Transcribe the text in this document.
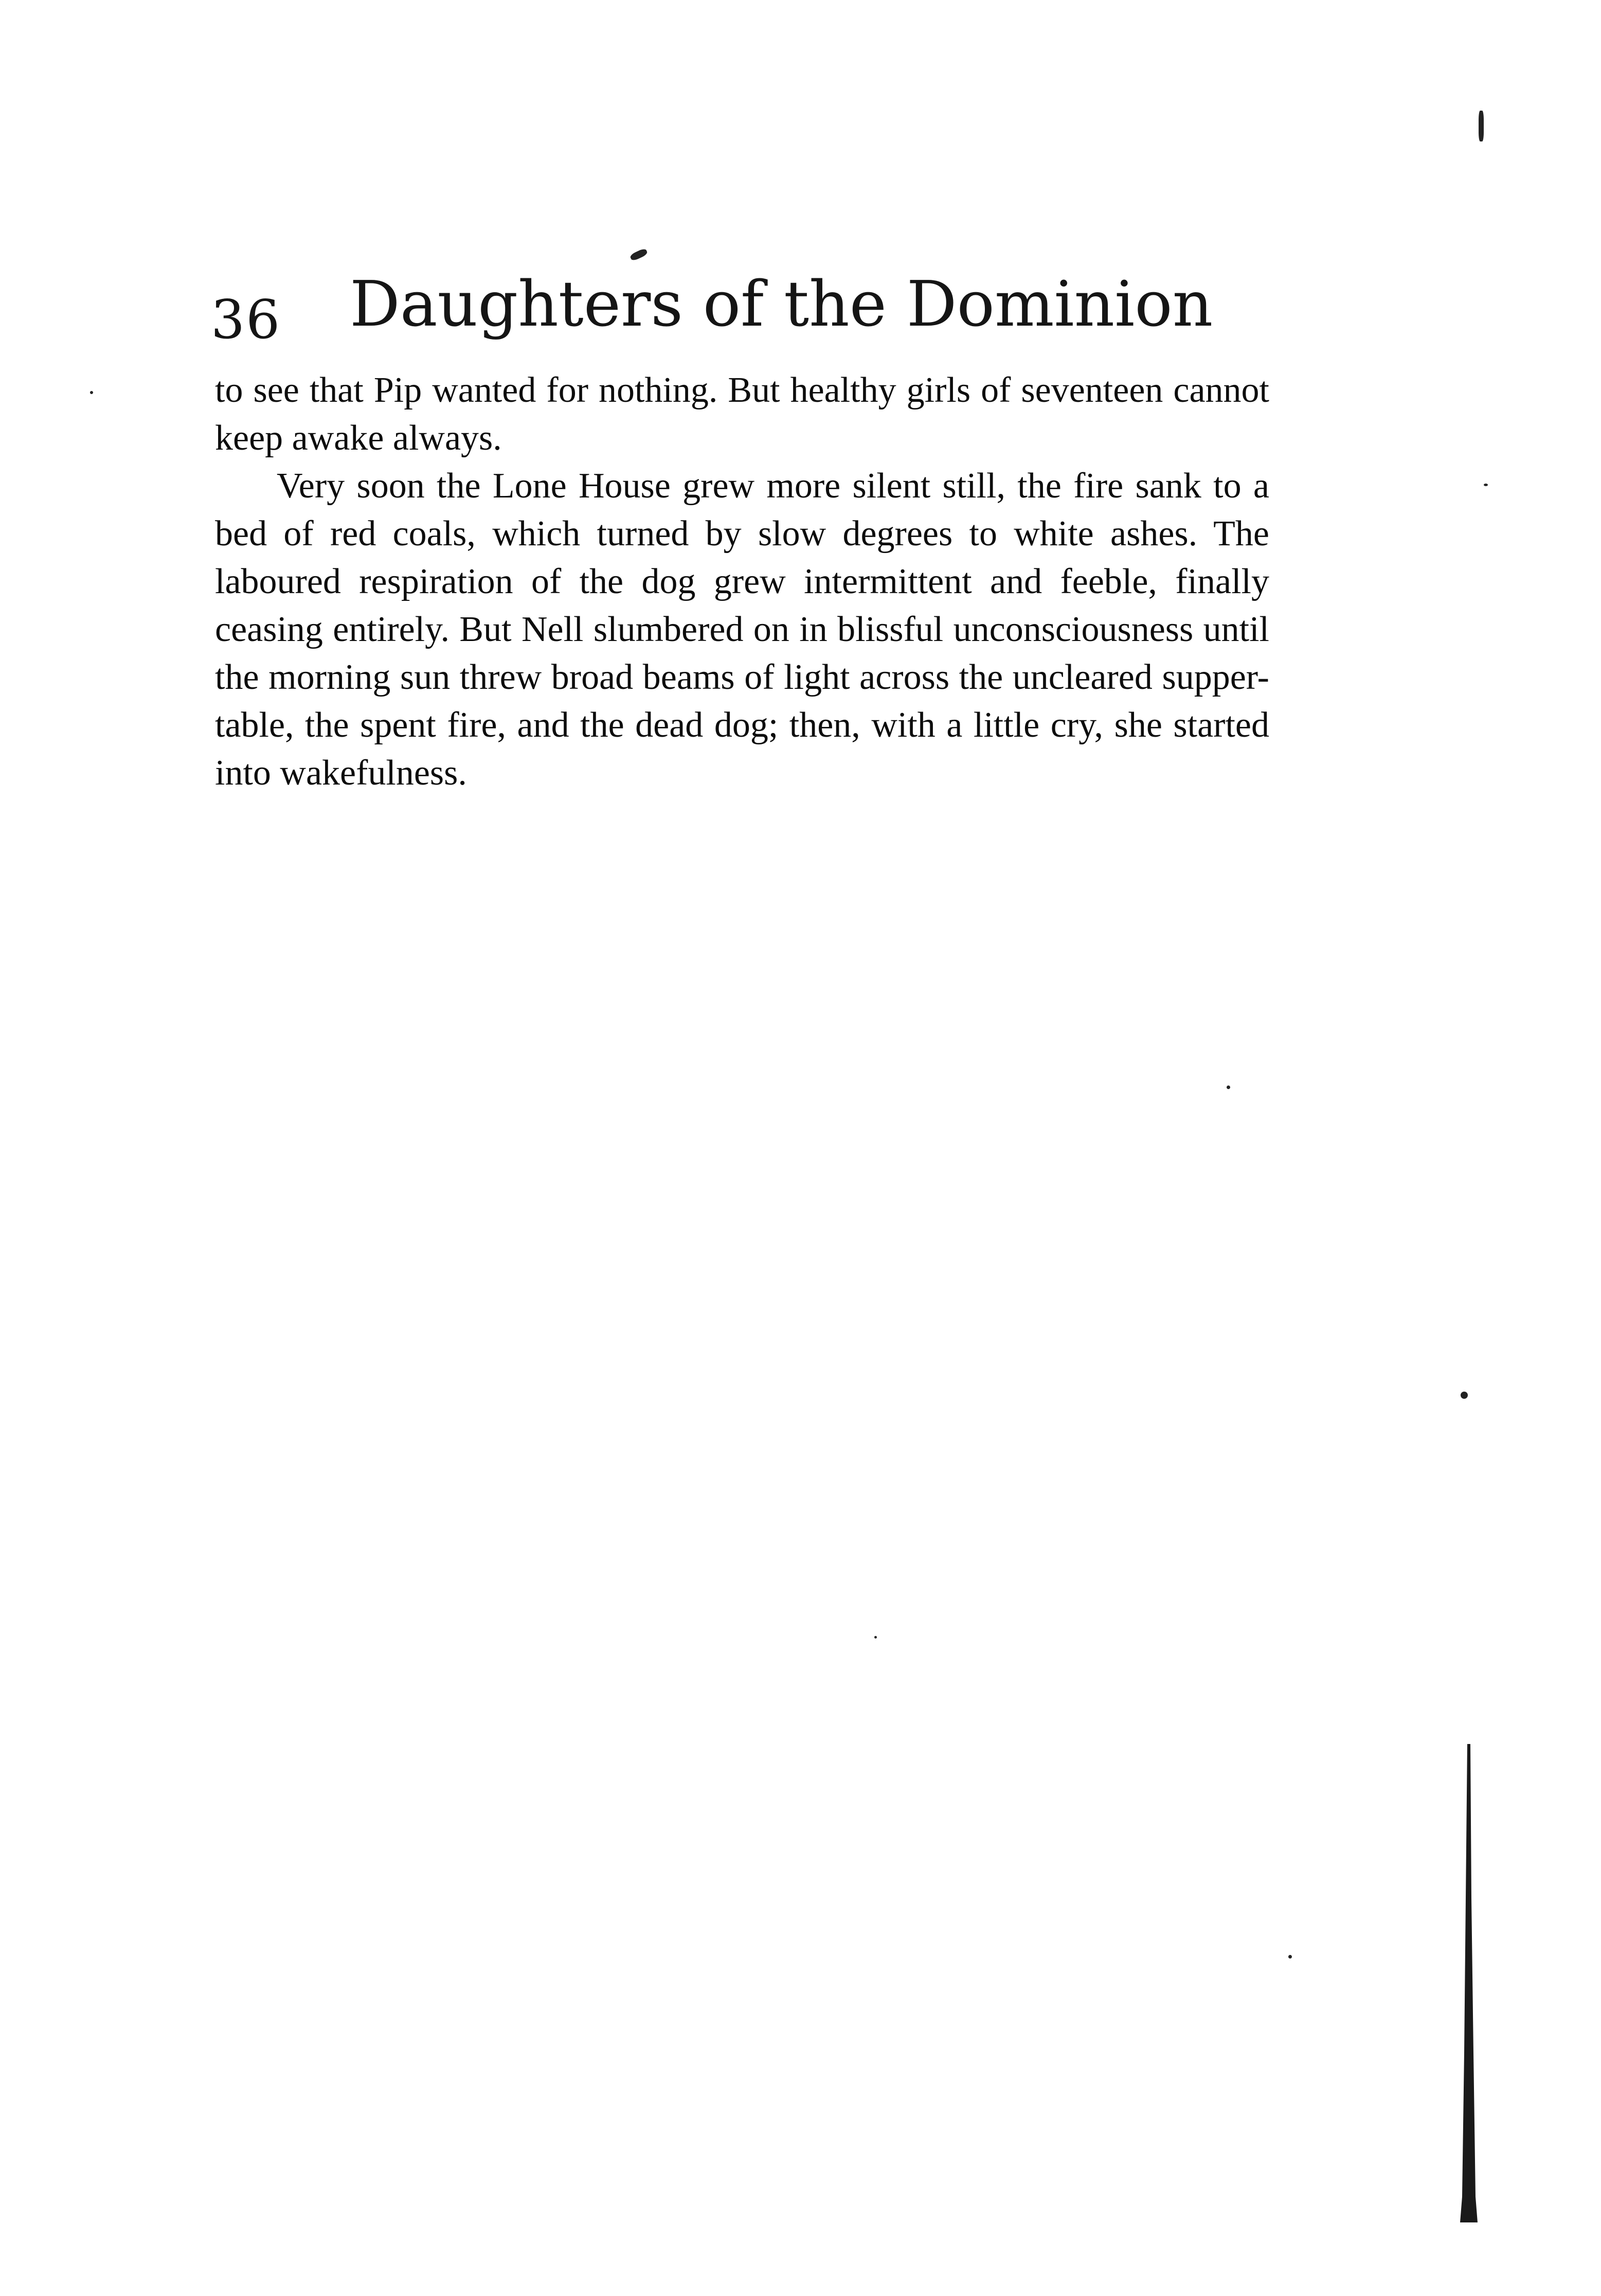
36 Daughters of the Dominion

to see that Pip wanted for nothing. But healthy girls of seventeen cannot keep awake always.

Very soon the Lone House grew more silent still, the fire sank to a bed of red coals, which turned by slow degrees to white ashes. The laboured respiration of the dog grew intermittent and feeble, finally ceasing entirely. But Nell slumbered on in blissful unconsciousness until the morning sun threw broad beams of light across the uncleared supper-table, the spent fire, and the dead dog; then, with a little cry, she started into wakefulness.
